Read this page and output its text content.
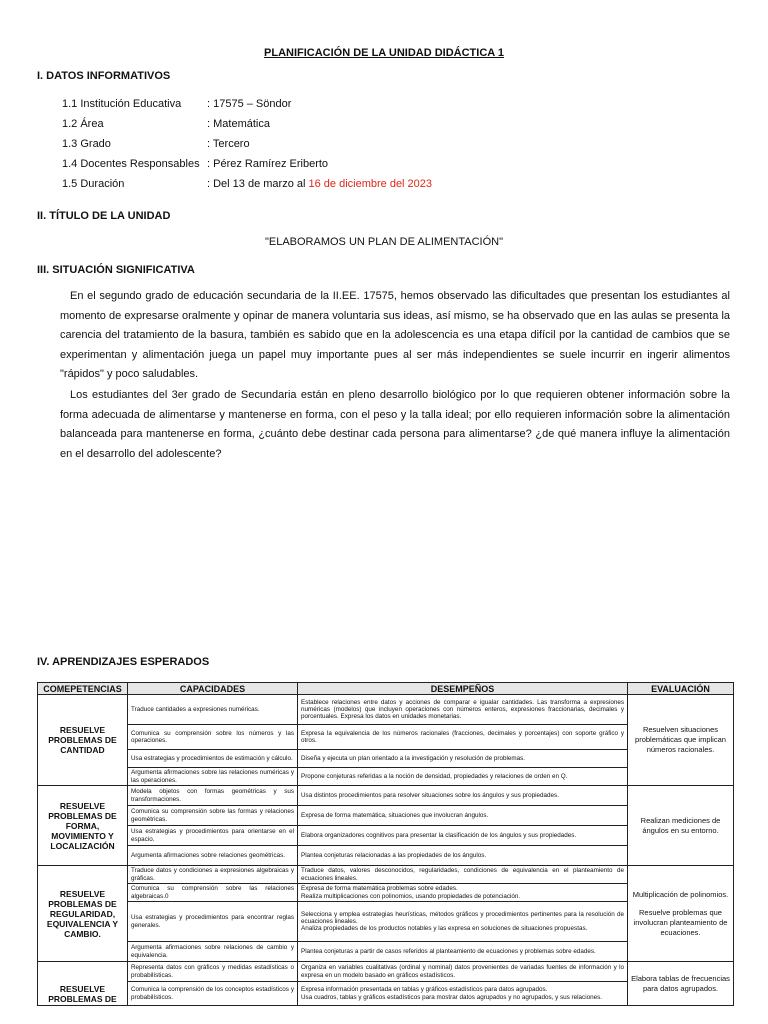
PLANIFICACIÓN DE LA UNIDAD DIDÁCTICA 1
I. DATOS INFORMATIVOS
1.1 Institución Educativa	: 17575 – Söndor
1.2 Área	: Matemática
1.3 Grado	: Tercero
1.4 Docentes Responsables : Pérez Ramírez Eriberto
1.5 Duración	: Del 13 de marzo al 16 de diciembre del 2023
II. TÍTULO DE LA UNIDAD
"ELABORAMOS UN PLAN DE ALIMENTACIÓN"
III. SITUACIÓN SIGNIFICATIVA

En el segundo grado de educación secundaria de la II.EE. 17575, hemos observado las dificultades que presentan los estudiantes al momento de expresarse oralmente y opinar de manera voluntaria sus ideas, así mismo, se ha observado que en las aulas se presenta la carencia del tratamiento de la basura, también es sabido que en la adolescencia es una etapa difícil por la cantidad de cambios que se experimentan y alimentación juega un papel muy importante pues al ser más independientes se suele incurrir en ingerir alimentos "rápidos" y poco saludables.

Los estudiantes del 3er grado de Secundaria están en pleno desarrollo biológico por lo que requieren obtener información sobre la forma adecuada de alimentarse y mantenerse en forma, con el peso y la talla ideal; por ello requieren información sobre la alimentación balanceada para mantenerse en forma, ¿cuánto debe destinar cada persona para alimentarse? ¿de qué manera influye la alimentación en el desarrollo del adolescente?

IV. APRENDIZAJES ESPERADOS
COMEPETENCIAS	CAPACIDADES	DESEMPEÑOS	EVALUACIÓN
RESUELVE PROBLEMAS DE CANTIDAD	Traduce cantidades a expresiones numéricas.	Establece relaciones entre datos y acciones de comparar e igualar cantidades. Las transforma a expresiones numéricas (modelos) que incluyen operaciones con números enteros, expresiones fraccionarias, decimales y porcentuales. Expresa los datos en unidades monetarias.	Resuelven situaciones problemáticas que implican números racionales.
	Comunica su comprensión sobre los números y las operaciones.	Expresa la equivalencia de los números racionales (fracciones, decimales y porcentajes) con soporte gráfico y otros.	
	Usa estrategias y procedimientos de estimación y cálculo.	Diseña y ejecuta un plan orientado a la investigación y resolución de problemas.	
	Argumenta afirmaciones sobre las relaciones numéricas y las operaciones.	Propone conjeturas referidas a la noción de densidad, propiedades y relaciones de orden en Q.	
RESUELVE PROBLEMAS DE FORMA, MOVIMIENTO Y LOCALIZACIÓN	Modela objetos con formas geométricas y sus transformaciones.	Usa distintos procedimientos para resolver situaciones sobre los ángulos y sus propiedades.	Realizan mediciones de ángulos en su entorno.
	Comunica su comprensión sobre las formas y relaciones geométricas.	Expresa de forma matemática, situaciones que involucran ángulos.	
	Usa estrategias y procedimientos para orientarse en el espacio.	Elabora organizadores cognitivos para presentar la clasificación de los ángulos y sus propiedades.	
	Argumenta afirmaciones sobre relaciones geométricas.	Plantea conjeturas relacionadas a las propiedades de los ángulos.	
RESUELVE PROBLEMAS DE REGULARIDAD, EQUIVALENCIA Y CAMBIO.	Traduce datos y condiciones a expresiones algebraicas y gráficas.	Traduce datos, valores desconocidos, regularidades, condiciones de equivalencia en el planteamiento de ecuaciones lineales.	Multiplicación de polinomios.
Resuelve problemas que involucran planteamiento de ecuaciones.

	Comunica su comprensión sobre las relaciones algebraicas.0	Expresa de forma matemática problemas sobre edades.
Realiza multiplicaciones con polinomios, usando propiedades de potenciación.	

	Usa estrategias y procedimientos para encontrar reglas generales.	Selecciona y emplea estrategias heurísticas, métodos gráficos y procedimientos pertinentes para la resolución de ecuaciones lineales.
Analiza propiedades de los productos notables y las expresa en soluciones de situaciones propuestas.	

	Argumenta afirmaciones sobre relaciones de cambio y equivalencia.	Plantea conjeturas a partir de casos referidos al planteamiento de ecuaciones y problemas sobre edades.	
RESUELVE PROBLEMAS DE	Representa datos con gráficos y medidas estadísticas o probabilísticas.	Organiza en variables cualitativas (ordinal y nominal) datos provenientes de variadas fuentes de información y lo expresa en un modelo basado en gráficos estadísticos.	Elabora tablas de frecuencias para datos agrupados.
	Comunica la comprensión de los conceptos estadísticos y probabilísticos.	Expresa información presentada en tablas y gráficos estadísticos para datos agrupados.
Usa cuadros, tablas y gráficos estadísticos para mostrar datos agrupados y no agrupados, y sus relaciones.	
